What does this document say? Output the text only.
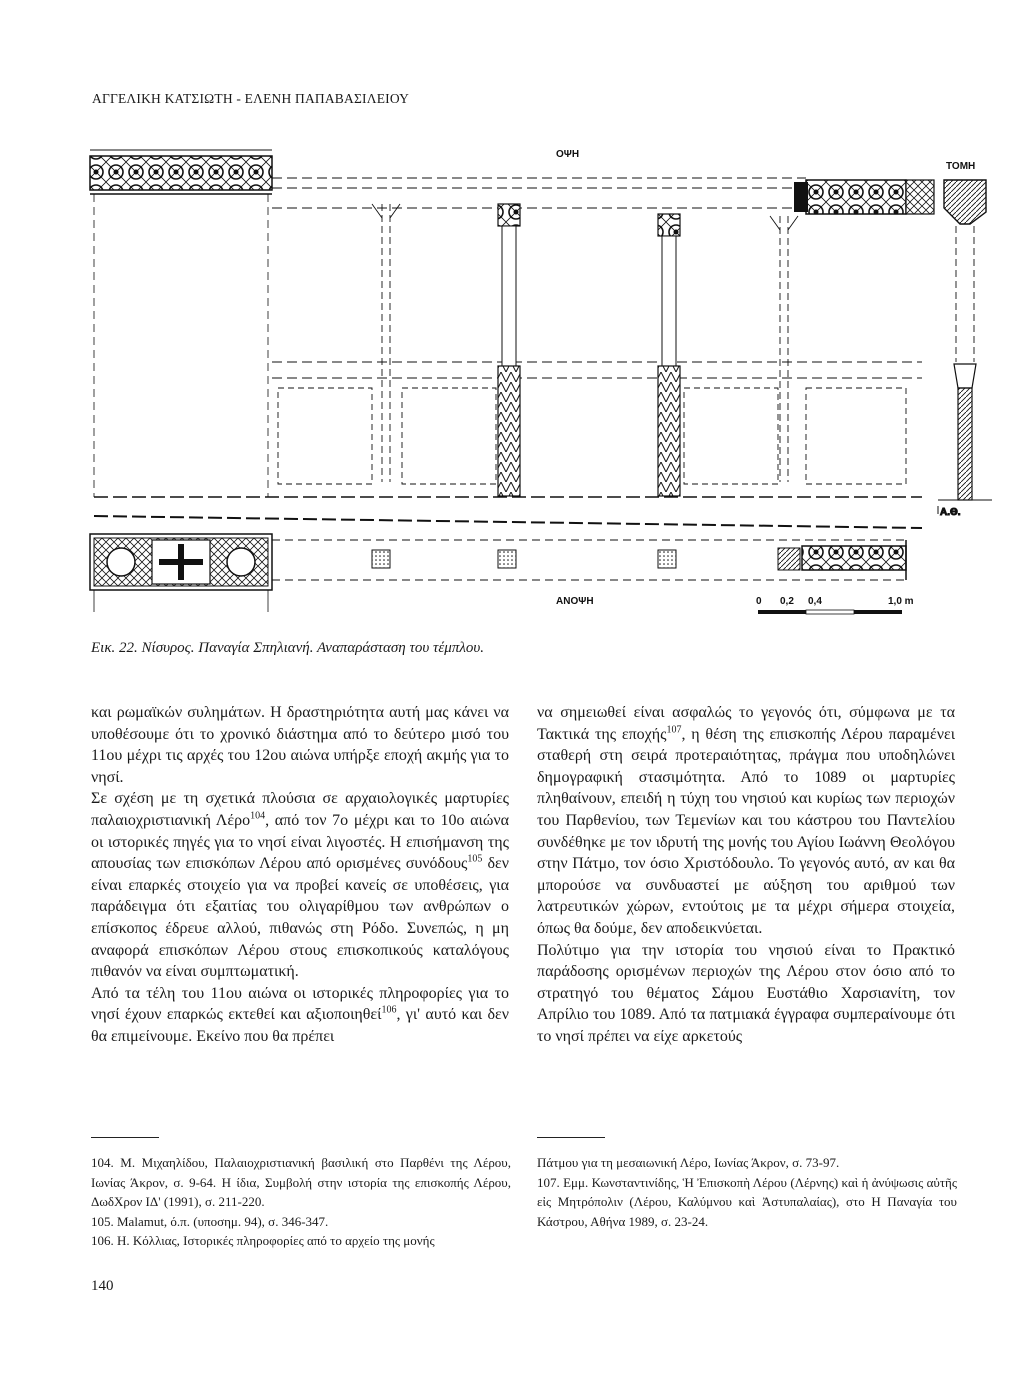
ΑΓΓΕΛΙΚΗ ΚΑΤΣΙΩΤΗ - ΕΛΕΝΗ ΠΑΠΑΒΑΣΙΛΕΙΟΥ
Α.Θ.
ΟΨΗ
ΤΟΜΗ
ΑΝΟΨΗ	0 0,2 0,4	1,0 m
Εικ. 22. Νίσυρος. Παναγία Σπηλιανή. Αναπαράσταση του τέμπλου.

και ρωμαϊκών συλημάτων. Η δραστηριότητα αυτή μας κάνει να υποθέσουμε ότι το χρονικό διάστημα από το δεύτερο μισό του 11ου μέχρι τις αρχές του 12ου αιώνα υπήρξε εποχή ακμής για το νησί.

Σε σχέση με τη σχετικά πλούσια σε αρχαιολογικές μαρτυρίες παλαιοχριστιανική Λέρο$^{104}$, από τον 7ο μέχρι και το 10ο αιώνα οι ιστορικές πηγές για το νησί είναι λιγοστές. Η επισήμανση της απουσίας των επισκόπων Λέρου από ορισμένες συνόδους$^{105}$ δεν είναι επαρκές στοιχείο για να προβεί κανείς σε υποθέσεις, για παράδειγμα ότι εξαιτίας του ολιγαρίθμου των ανθρώπων ο επίσκοπος έδρευε αλλού, πιθανώς στη Ρόδο. Συνεπώς, η μη αναφορά επισκόπων Λέρου στους επισκοπικούς καταλόγους πιθανόν να είναι συμπτωματική.

Από τα τέλη του 11ου αιώνα οι ιστορικές πληροφορίες για το νησί έχουν επαρκώς εκτεθεί και αξιοποιηθεί$^{106}$, γι' αυτό και δεν θα επιμείνουμε. Εκείνο που θα πρέπει

να σημειωθεί είναι ασφαλώς το γεγονός ότι, σύμφωνα με τα Τακτικά της εποχής$^{107}$, η θέση της επισκοπής Λέρου παραμένει σταθερή στη σειρά προτεραιότητας, πράγμα που υποδηλώνει δημογραφική στασιμότητα. Από το 1089 οι μαρτυρίες πληθαίνουν, επειδή η τύχη του νησιού και κυρίως των περιοχών του Παρθενίου, των Τεμενίων και του κάστρου του Παντελίου συνδέθηκε με τον ιδρυτή της μονής του Αγίου Ιωάννη Θεολόγου στην Πάτμο, τον όσιο Χριστόδουλο. Το γεγονός αυτό, αν και θα μπορούσε να συνδυαστεί με αύξηση του αριθμού των λατρευτικών χώρων, εντούτοις με τα μέχρι σήμερα στοιχεία, όπως θα δούμε, δεν αποδεικνύεται.

Πολύτιμο για την ιστορία του νησιού είναι το Πρακτικό παράδοσης ορισμένων περιοχών της Λέρου στον όσιο από το στρατηγό του θέματος Σάμου Ευστάθιο Χαρσιανίτη, τον Απρίλιο του 1089. Από τα πατμιακά έγγραφα συμπεραίνουμε ότι το νησί πρέπει να είχε αρκετούς

104. Μ. Μιχαηλίδου, Παλαιοχριστιανική βασιλική στο Παρθένι της Λέρου, Ιωνίας Άκρον, σ. 9-64. Η ίδια, Συμβολή στην ιστορία της επισκοπής Λέρου, ΔωδΧρον ΙΔ' (1991), σ. 211-220.

105. Malamut, ό.π. (υποσημ. 94), σ. 346-347.

106. Η. Κόλλιας, Ιστορικές πληροφορίες από το αρχείο της μονής

Πάτμου για τη μεσαιωνική Λέρο, Ιωνίας Άκρον, σ. 73-97.

107. Εμμ. Κωνσταντινίδης, Ἡ Ἐπισκοπὴ Λέρου (Λέρνης) καὶ ἡ ἀνύψωσις αὐτῆς εἰς Μητρόπολιν (Λέρου, Καλύμνου καὶ Ἀστυπαλαίας), στο Η Παναγία του Κάστρου, Αθήνα 1989, σ. 23-24.

140
